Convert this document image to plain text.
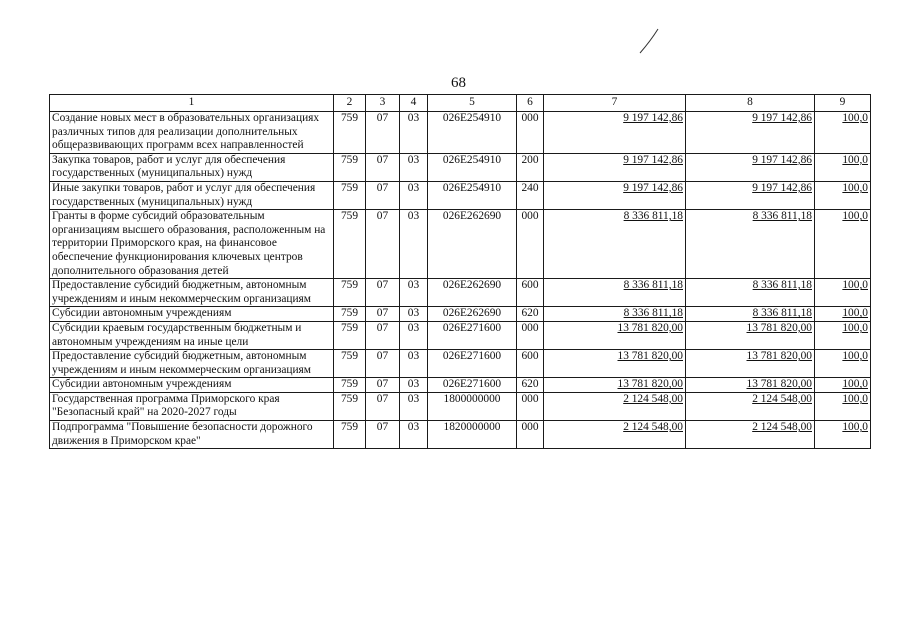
68
1	2	3	4	5	6	7	8	9
Создание новых мест в образовательных организациях различных типов для реализации дополнительных общеразвивающих программ всех направленностей	759	07	03	026E254910	000	9 197 142,86	9 197 142,86	100,0
Закупка товаров, работ и услуг для обеспечения государственных (муниципальных) нужд	759	07	03	026E254910	200	9 197 142,86	9 197 142,86	100,0
Иные закупки товаров, работ и услуг для обеспечения государственных (муниципальных) нужд	759	07	03	026E254910	240	9 197 142,86	9 197 142,86	100,0
Гранты в форме субсидий образовательным организациям высшего образования, расположенным на территории Приморского края, на финансовое обеспечение функционирования ключевых центров дополнительного образования детей	759	07	03	026E262690	000	8 336 811,18	8 336 811,18	100,0
Предоставление субсидий бюджетным, автономным учреждениям и иным некоммерческим организациям	759	07	03	026E262690	600	8 336 811,18	8 336 811,18	100,0
Субсидии автономным учреждениям	759	07	03	026E262690	620	8 336 811,18	8 336 811,18	100,0
Субсидии краевым государственным бюджетным и автономным учреждениям на иные цели	759	07	03	026E271600	000	13 781 820,00	13 781 820,00	100,0
Предоставление субсидий бюджетным, автономным учреждениям и иным некоммерческим организациям	759	07	03	026E271600	600	13 781 820,00	13 781 820,00	100,0
Субсидии автономным учреждениям	759	07	03	026E271600	620	13 781 820,00	13 781 820,00	100,0
Государственная программа Приморского края "Безопасный край" на 2020-2027 годы	759	07	03	1800000000	000	2 124 548,00	2 124 548,00	100,0
Подпрограмма "Повышение безопасности дорожного движения в Приморском крае"	759	07	03	1820000000	000	2 124 548,00	2 124 548,00	100,0
